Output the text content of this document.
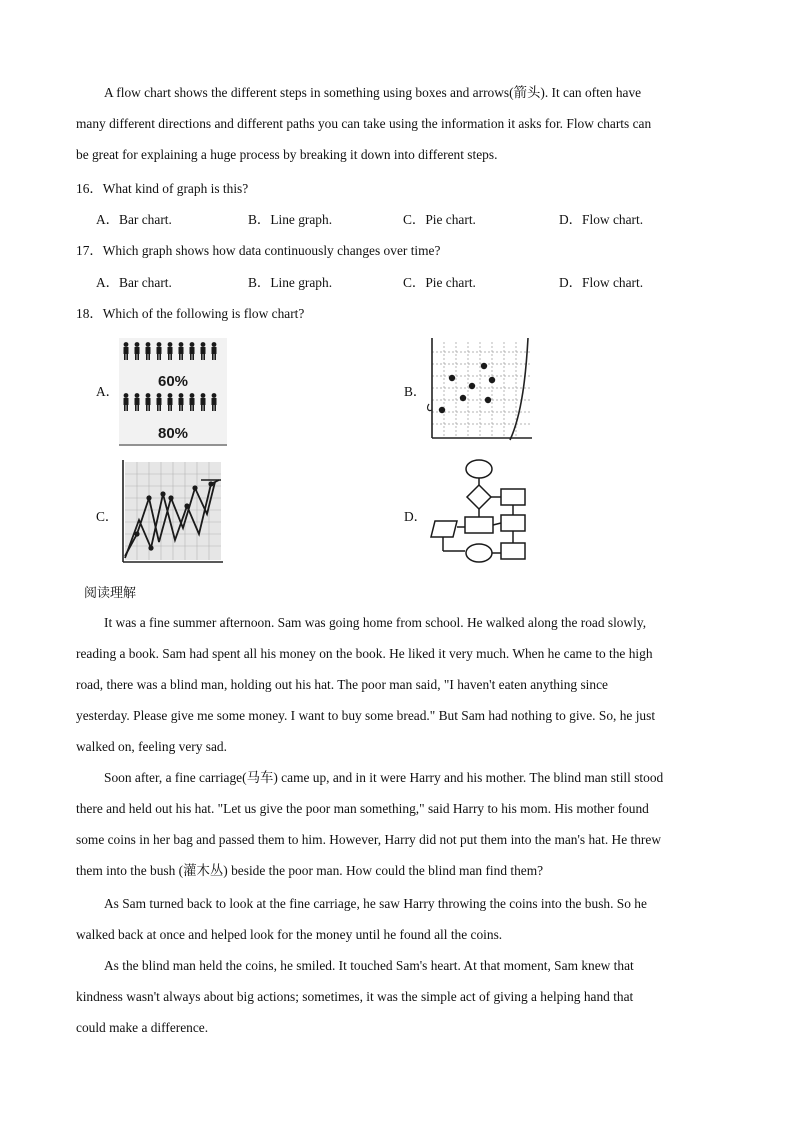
A flow chart shows the different steps in something using boxes and arrows(箭头). It can often have
many different directions and different paths you can take using the information it asks for. Flow charts can
be great for explaining a huge process by breaking it down into different steps.
16．What kind of graph is this?
A．Bar chart.	B．Line graph.	C．Pie chart.	D．Flow chart.
17．Which graph shows how data continuously changes over time?
A．Bar chart.	B．Line graph.	C．Pie chart.	D．Flow chart.
18．Which of the following is flow chart?
A．	B．
C．	D．
60%
80%
阅读理解
It was a fine summer afternoon. Sam was going home from school. He walked along the road slowly,
reading a book. Sam had spent all his money on the book. He liked it very much. When he came to the high
road, there was a blind man, holding out his hat. The poor man said, "I haven't eaten anything since
yesterday. Please give me some money. I want to buy some bread." But Sam had nothing to give. So, he just
walked on, feeling very sad.
Soon after, a fine carriage(马车) came up, and in it were Harry and his mother. The blind man still stood
there and held out his hat. "Let us give the poor man something," said Harry to his mom. His mother found
some coins in her bag and passed them to him. However, Harry did not put them into the man's hat. He threw
them into the bush (灌木丛) beside the poor man. How could the blind man find them?
As Sam turned back to look at the fine carriage, he saw Harry throwing the coins into the bush. So he
walked back at once and helped look for the money until he found all the coins.
As the blind man held the coins, he smiled. It touched Sam's heart. At that moment, Sam knew that
kindness wasn't always about big actions; sometimes, it was the simple act of giving a helping hand that
could make a difference.
